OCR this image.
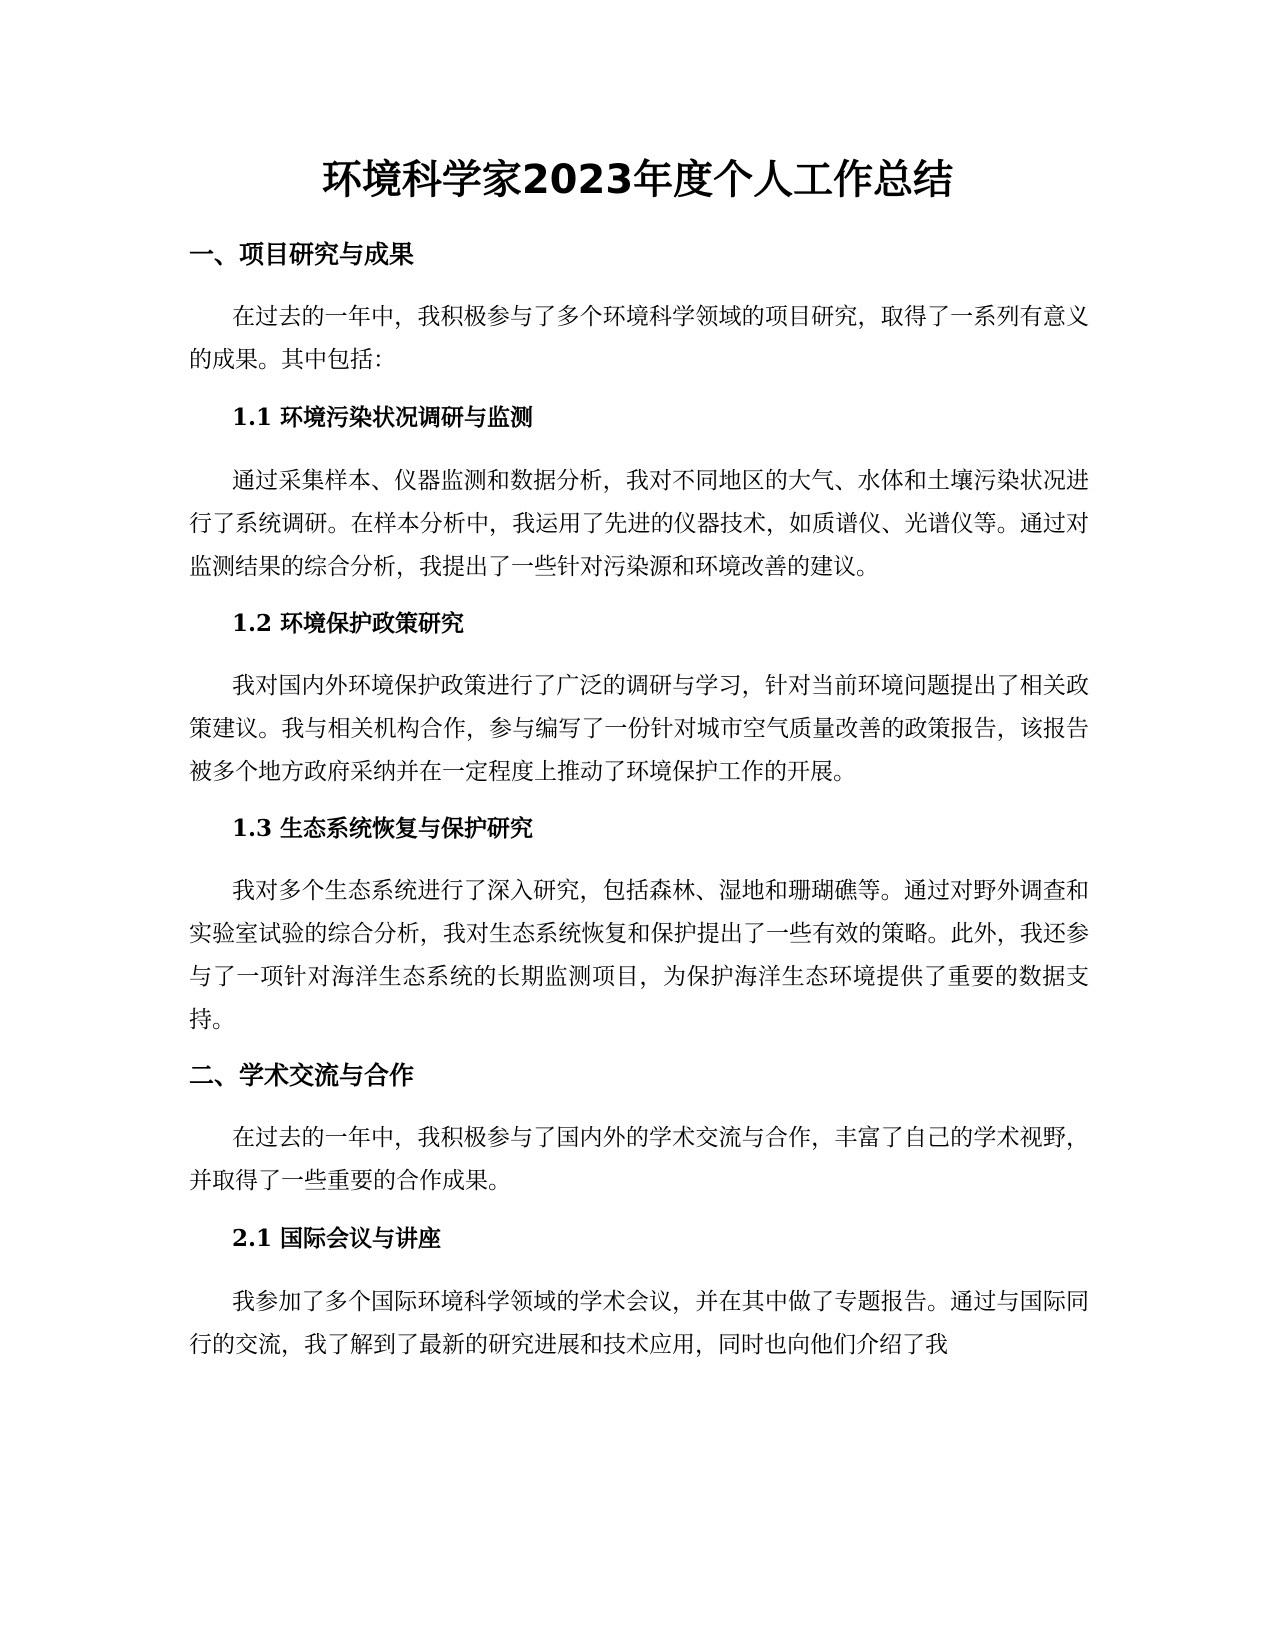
环境科学家2023年度个人工作总结
一、项目研究与成果

在过去的一年中，我积极参与了多个环境科学领域的项目研究，取得了一系列有意义的成果。其中包括：

1.1 环境污染状况调研与监测

通过采集样本、仪器监测和数据分析，我对不同地区的大气、水体和土壤污染状况进行了系统调研。在样本分析中，我运用了先进的仪器技术，如质谱仪、光谱仪等。通过对监测结果的综合分析，我提出了一些针对污染源和环境改善的建议。

1.2 环境保护政策研究

我对国内外环境保护政策进行了广泛的调研与学习，针对当前环境问题提出了相关政策建议。我与相关机构合作，参与编写了一份针对城市空气质量改善的政策报告，该报告被多个地方政府采纳并在一定程度上推动了环境保护工作的开展。

1.3 生态系统恢复与保护研究

我对多个生态系统进行了深入研究，包括森林、湿地和珊瑚礁等。通过对野外调查和实验室试验的综合分析，我对生态系统恢复和保护提出了一些有效的策略。此外，我还参与了一项针对海洋生态系统的长期监测项目，为保护海洋生态环境提供了重要的数据支持。

二、学术交流与合作

在过去的一年中，我积极参与了国内外的学术交流与合作，丰富了自己的学术视野，并取得了一些重要的合作成果。

2.1 国际会议与讲座

我参加了多个国际环境科学领域的学术会议，并在其中做了专题报告。通过与国际同行的交流，我了解到了最新的研究进展和技术应用，同时也向他们介绍了我
